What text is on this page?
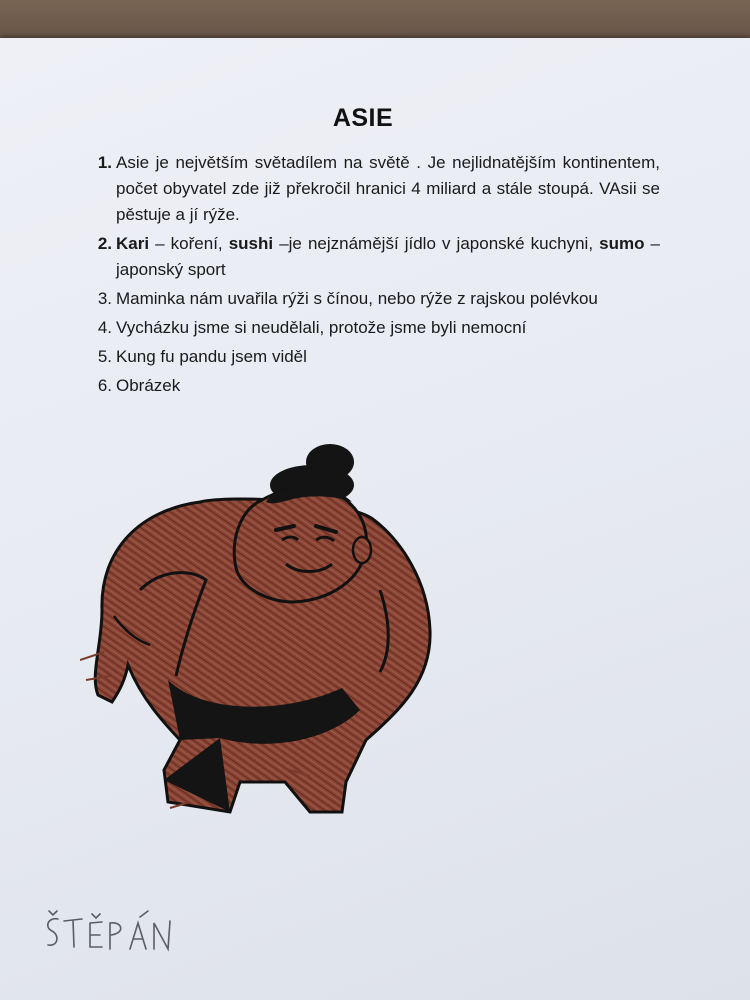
ASIE
1. Asie je největším světadílem na světě . Je nejlidnatějším kontinentem, počet obyvatel zde již překročil hranici 4 miliard a stále stoupá. VAsii se pěstuje a jí rýže.
2. Kari – koření, sushi –je nejznámější jídlo v japonské kuchyni, sumo – japonský sport
3. Maminka nám uvařila rýži s čínou, nebo rýže z rajskou polévkou
4. Vycházku jsme si neudělali, protože jsme byli nemocní
5. Kung fu pandu jsem viděl
6. Obrázek
